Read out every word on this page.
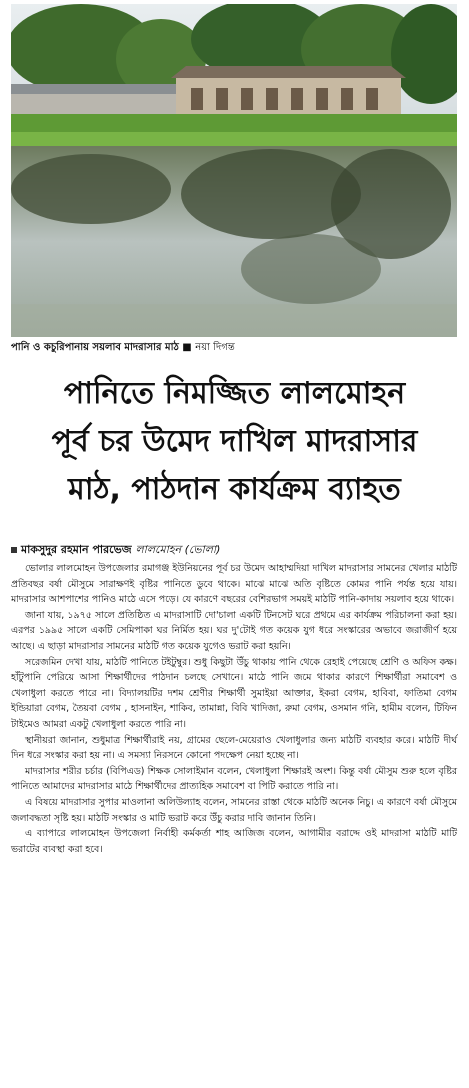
পানি ও কচুরিপানায় সয়লাব মাদরাসার মাঠ ■ নয়া দিগন্ত
পানিতে নিমজ্জিত লালমোহন
পূর্ব চর উমেদ দাখিল মাদরাসার
মাঠ, পাঠদান কার্যক্রম ব্যাহত
মাকসুদুর রহমান পারভেজ লালমোহন (ভোলা)

ভোলার লালমোহন উপজেলার রমাগঞ্জ ইউনিয়নের পূর্ব চর উমেদ আহাম্মদিয়া দাখিল মাদরাসার সামনের খেলার মাঠটি প্রতিবছর বর্ষা মৌসুমে সারাক্ষণই বৃষ্টির পানিতে ডুবে থাকে। মাঝে মাঝে অতি বৃষ্টিতে কোমর পানি পর্যন্ত হয়ে যায়। মাদরাসার আশপাশের পানিও মাঠে এসে পড়ে। যে কারণে বছরের বেশিরভাগ সময়ই মাঠটি পানি-কাদায় সয়লাব হয়ে থাকে।

জানা যায়, ১৯৭৫ সালে প্রতিষ্ঠিত এ মাদরাসাটি দো'চালা একটি টিনসেট ঘরে প্রথমে এর কার্যক্রম পরিচালনা করা হয়। এরপর ১৯৯৫ সালে একটি সেমিপাকা ঘর নির্মিত হয়। ঘর দু'টোই গত কয়েক যুগ ধরে সংস্কারের অভাবে জরাজীর্ণ হয়ে আছে। এ ছাড়া মাদরাসার সামনের মাঠটি গত কয়েক যুগেও ভরাট করা হয়নি।

সরেজমিন দেখা যায়, মাঠটি পানিতে টইটুম্বুর। শুধু কিছুটা উঁচু থাকায় পানি থেকে রেহাই পেয়েছে শ্রেণি ও অফিস কক্ষ। হাঁটুপানি পেরিয়ে আসা শিক্ষার্থীদের পাঠদান চলছে সেখানে। মাঠে পানি জমে থাকার কারণে শিক্ষার্থীরা সমাবেশ ও খেলাধুলা করতে পারে না। বিদ্যালয়টির দশম শ্রেণীর শিক্ষার্থী সুমাইয়া আক্তার, ইকরা বেগম, হাবিবা, ফাতিমা বেগম ইন্ডিয়ারা বেগম, তৈয়বা বেগম , হাসনাইন, শাকিব, তামান্না, বিবি খাদিজা, রুমা বেগম, ওসমান গনি, হামীম বলেন, টিফিন টাইমেও আমরা একটু খেলাধুলা করতে পারি না।

স্থানীয়রা জানান, শুধুমাত্র শিক্ষার্থীরাই নয়, গ্রামের ছেলে-মেয়েরাও খেলাধুলার জন্য মাঠটি ব্যবহার করে। মাঠটি দীর্ঘ দিন ধরে সংস্কার করা হয় না। এ সমস্যা নিরসনে কোনো পদক্ষেপ নেয়া হচ্ছে না।

মাদরাসার শরীর চর্চার (বিপিএড) শিক্ষক সোলাইমান বলেন, খেলাধুলা শিক্ষারই অংশ। কিন্তু বর্ষা মৌসুম শুরু হলে বৃষ্টির পানিতে আমাদের মাদরাসার মাঠে শিক্ষার্থীদের প্রাত্যহিক সমাবেশ বা পিটি করাতে পারি না।

এ বিষয়ে মাদরাসার সুপার মাওলানা অলিউল্যাহ বলেন, সামনের রাস্তা থেকে মাঠটি অনেক নিচু। এ কারণে বর্ষা মৌসুমে জলাবদ্ধতা সৃষ্টি হয়। মাঠটি সংস্কার ও মাটি ভরাট করে উঁচু করার দাবি জানান তিনি।

এ ব্যাপারে লালমোহন উপজেলা নির্বাহী কর্মকর্তা শাহ আজিজ বলেন, আগামীর বরাদ্দে ওই মাদরাসা মাঠটি মাটি ভরাটের ব্যবস্থা করা হবে।
